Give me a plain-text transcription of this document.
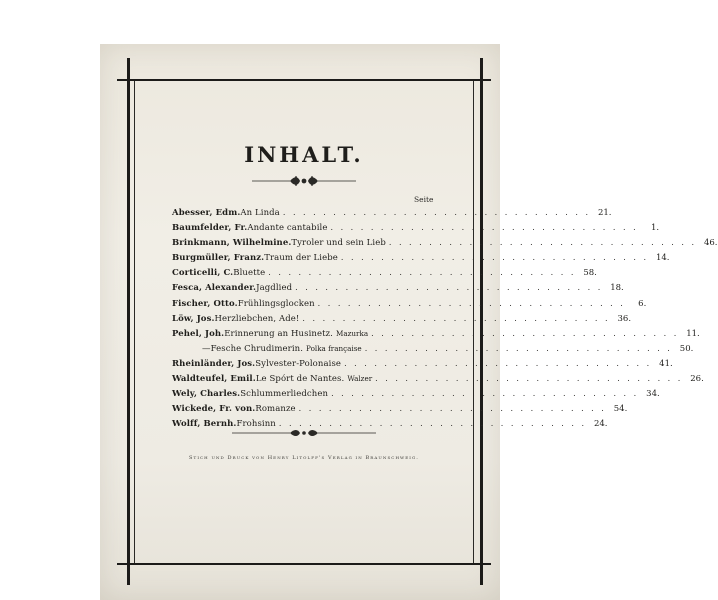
INHALT.
Seite
Abesser, Edm. An Linda . . . . . . . . . . . . . . . . . . . . . . . . . . . . . . . 21.
Baumfelder, Fr. Andante cantabile . . . . . . . . . . . . . . . . . . . . . . . . . . . . . . .	1.
Brinkmann, Wilhelmine. Tyroler und sein Lieb . . . . . . . . . . . . . . . . . . . . . . . . . . . . . . . 46.
Burgmüller, Franz. Traum der Liebe . . . . . . . . . . . . . . . . . . . . . . . . . . . . . . . 14.
Corticelli, C. Bluette . . . . . . . . . . . . . . . . . . . . . . . . . . . . . . . 58.
Fesca, Alexander. Jagdlied . . . . . . . . . . . . . . . . . . . . . . . . . . . . . . . 18.
Fischer, Otto. Frühlingsglocken . . . . . . . . . . . . . . . . . . . . . . . . . . . . . . .	6.
Löw, Jos. Herzliebchen, Ade! . . . . . . . . . . . . . . . . . . . . . . . . . . . . . . . 36.
Pehel, Joh. Erinnerung an Husinetz. Mazurka . . . . . . . . . . . . . . . . . . . . . . . . . . . . . . . 11.
— Fesche Chrudimerin. Polka française . . . . . . . . . . . . . . . . . . . . . . . . . . . . . . . 50.
Rheinländer, Jos. Sylvester-Polonaise . . . . . . . . . . . . . . . . . . . . . . . . . . . . . . . 41.
Waldteufel, Emil. Le Spórt de Nantes. Walzer . . . . . . . . . . . . . . . . . . . . . . . . . . . . . . . 26.
Wely, Charles. Schlummerliedchen . . . . . . . . . . . . . . . . . . . . . . . . . . . . . . . 34.
Wickede, Fr. von. Romanze . . . . . . . . . . . . . . . . . . . . . . . . . . . . . . . 54.
Wolff, Bernh. Frohsinn . . . . . . . . . . . . . . . . . . . . . . . . . . . . . . . 24.
Stich und Druck von Henry Litolff's Verlag in Braunschweig.
